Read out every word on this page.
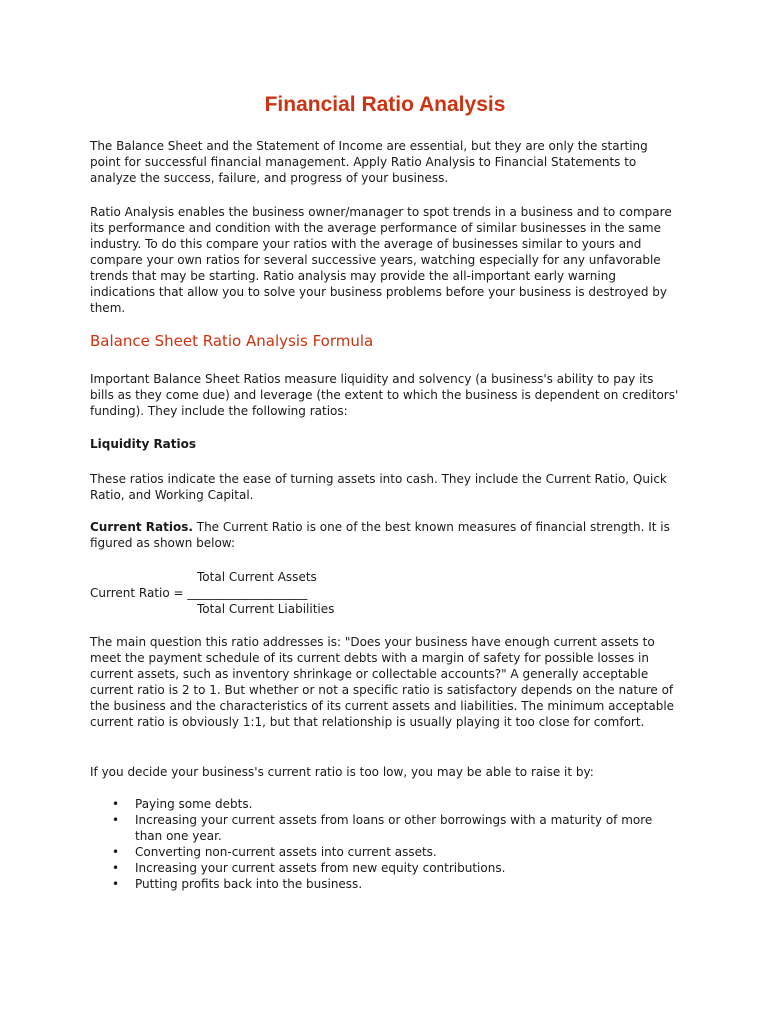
Financial Ratio Analysis

The Balance Sheet and the Statement of Income are essential, but they are only the starting point for successful financial management. Apply Ratio Analysis to Financial Statements to analyze the success, failure, and progress of your business.

Ratio Analysis enables the business owner/manager to spot trends in a business and to compare its performance and condition with the average performance of similar businesses in the same industry. To do this compare your ratios with the average of businesses similar to yours and compare your own ratios for several successive years, watching especially for any unfavorable trends that may be starting. Ratio analysis may provide the all-important early warning indications that allow you to solve your business problems before your business is destroyed by them.

Balance Sheet Ratio Analysis Formula

Important Balance Sheet Ratios measure liquidity and solvency (a business's ability to pay its bills as they come due) and leverage (the extent to which the business is dependent on creditors' funding). They include the following ratios:

Liquidity Ratios

These ratios indicate the ease of turning assets into cash. They include the Current Ratio, Quick Ratio, and Working Capital.

Current Ratios. The Current Ratio is one of the best known measures of financial strength. It is figured as shown below:

Total Current Assets
Current Ratio = ____________________
Total Current Liabilities

The main question this ratio addresses is: "Does your business have enough current assets to meet the payment schedule of its current debts with a margin of safety for possible losses in current assets, such as inventory shrinkage or collectable accounts?" A generally acceptable current ratio is 2 to 1. But whether or not a specific ratio is satisfactory depends on the nature of the business and the characteristics of its current assets and liabilities. The minimum acceptable current ratio is obviously 1:1, but that relationship is usually playing it too close for comfort.

If you decide your business's current ratio is too low, you may be able to raise it by:

• Paying some debts.
• Increasing your current assets from loans or other borrowings with a maturity of more than one year.
• Converting non-current assets into current assets.
• Increasing your current assets from new equity contributions.
• Putting profits back into the business.
